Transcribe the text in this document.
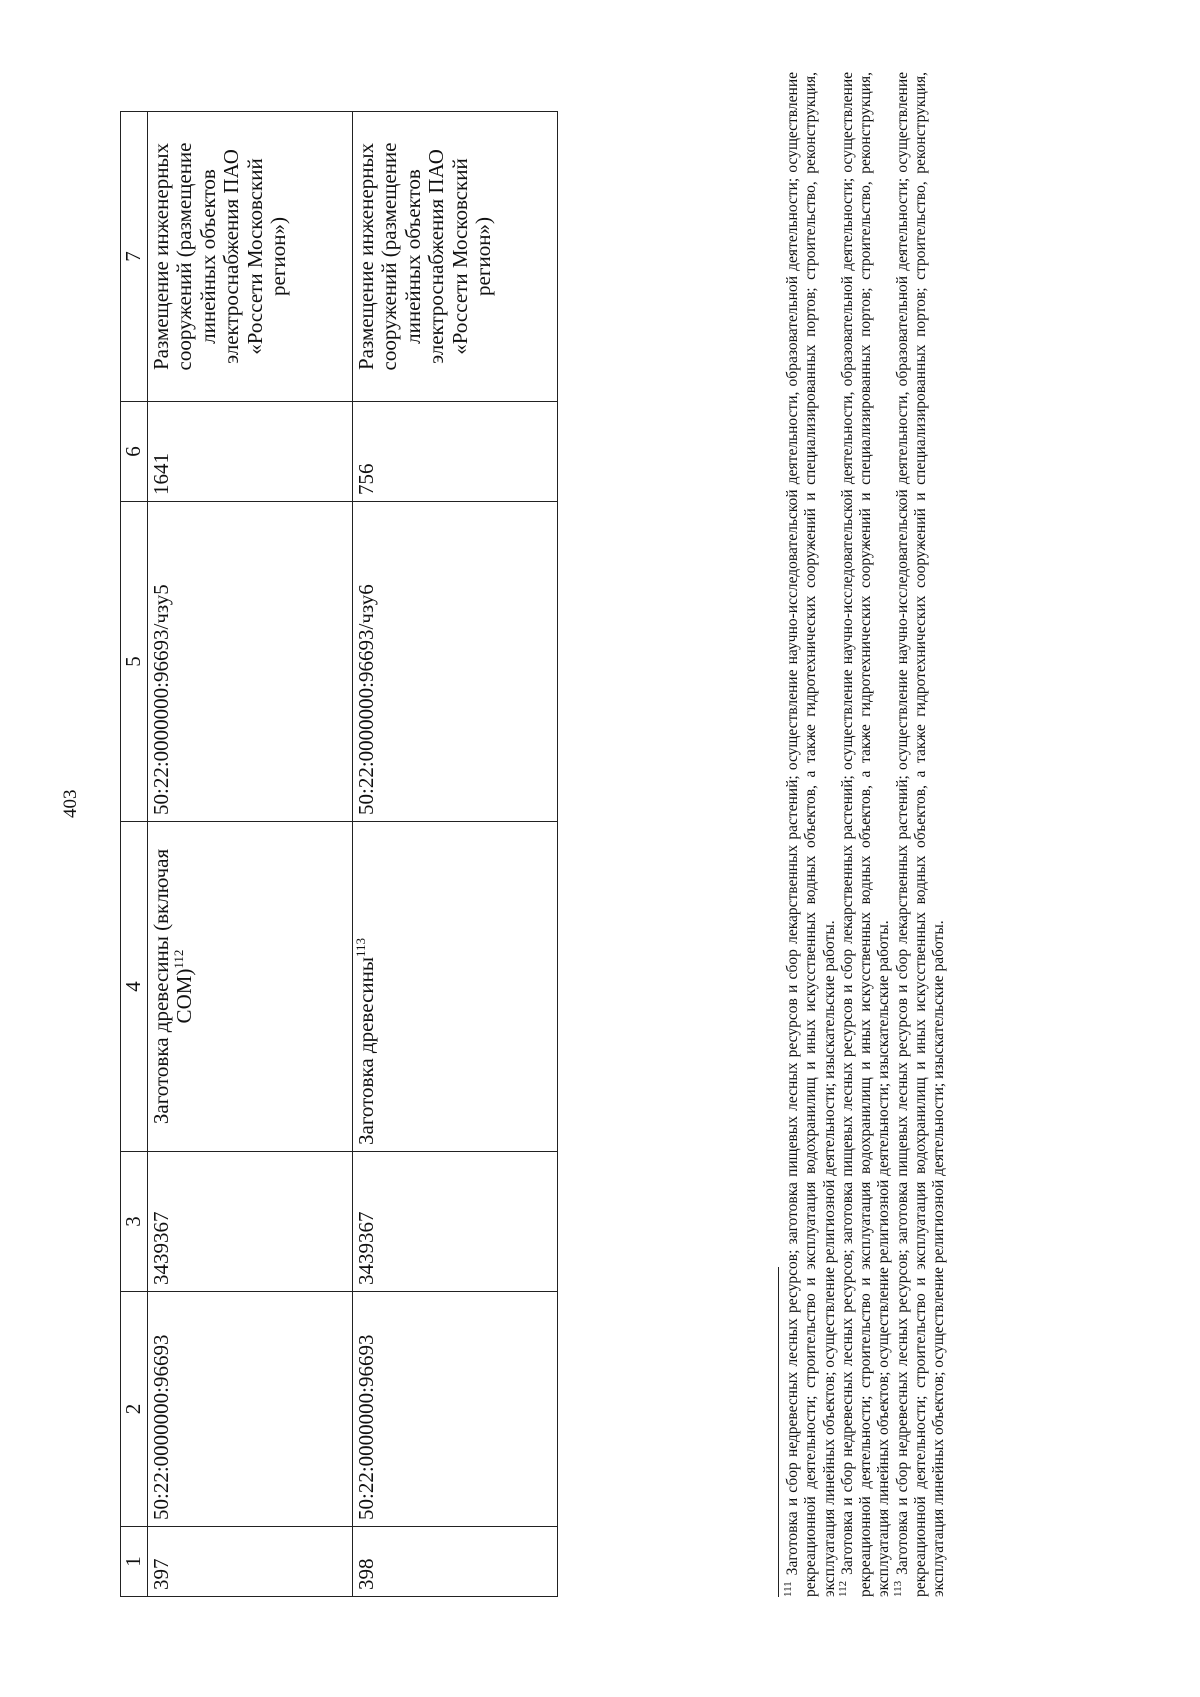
403
1	2	3	4	5	6	7
397	50:22:0000000:96693	3439367	Заготовка древесины (включая СОМ)$^{112}$	50:22:0000000:96693/чзу5	1641	Размещение инженерных сооружений (размещение линейных объектов электроснабжения ПАО «Россети Московский регион»)
398	50:22:0000000:96693	3439367	Заготовка древесины$^{113}$	50:22:0000000:96693/чзу6	756	Размещение инженерных сооружений (размещение линейных объектов электроснабжения ПАО «Россети Московский регион»)

$^{111}$Заготовка и сбор недревесных лесных ресурсов; заготовка пищевых лесных ресурсов и сбор лекарственных растений; осуществление научно-исследовательской деятельности, образовательной деятельности; осуществление рекреационной деятельности; строительство и эксплуатация водохранилищ и иных искусственных водных объектов, а также гидротехнических сооружений и специализированных портов; строительство, реконструкция, эксплуатация линейных объектов; осуществление религиозной деятельности; изыскательские работы. $^{112}$Заготовка и сбор недревесных лесных ресурсов; заготовка пищевых лесных ресурсов и сбор лекарственных растений; осуществление научно-исследовательской деятельности, образовательной деятельности; осуществление рекреационной деятельности; строительство и эксплуатация водохранилищ и иных искусственных водных объектов, а также гидротехнических сооружений и специализированных портов; строительство, реконструкция, эксплуатация линейных объектов; осуществление религиозной деятельности; изыскательские работы. $^{113}$Заготовка и сбор недревесных лесных ресурсов; заготовка пищевых лесных ресурсов и сбор лекарственных растений; осуществление научно-исследовательской деятельности, образовательной деятельности; осуществление рекреационной деятельности; строительство и эксплуатация водохранилищ и иных искусственных водных объектов, а также гидротехнических сооружений и специализированных портов; строительство, реконструкция, эксплуатация линейных объектов; осуществление религиозной деятельности; изыскательские работы.
